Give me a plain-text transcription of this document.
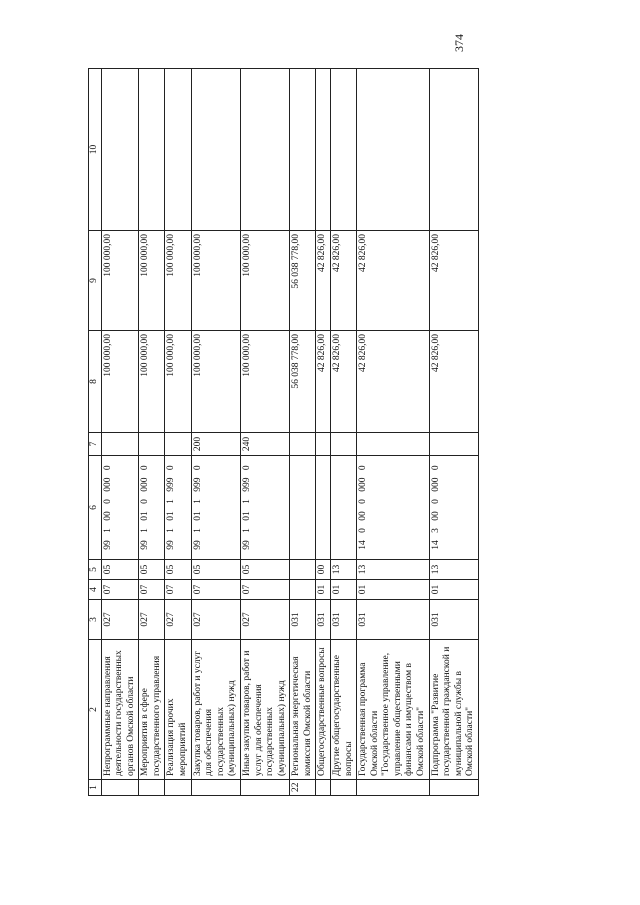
374
1	2	3	4	5	6	7	8	9	10
	Непрограммные направления деятельности государственных органов Омской области	027	07	05	99 1 00 0 000 0		100 000,00	100 000,00	
	Мероприятия в сфере государственного управления	027	07	05	99 1 01 0 000 0		100 000,00	100 000,00	
	Реализация прочих мероприятий	027	07	05	99 1 01 1 999 0		100 000,00	100 000,00	
	Закупка товаров, работ и услуг для обеспечения государственных (муниципальных) нужд	027	07	05	99 1 01 1 999 0	200	100 000,00	100 000,00	
	Иные закупки товаров, работ и услуг для обеспечения государственных (муниципальных) нужд	027	07	05	99 1 01 1 999 0	240	100 000,00	100 000,00	
22	Региональная энергетическая комиссия Омской области	031					56 038 778,00	56 038 778,00	
	Общегосударственные вопросы	031	01	00			42 826,00	42 826,00	
	Другие общегосударственные вопросы	031	01	13			42 826,00	42 826,00	
	Государственная программа Омской области "Государственное управление, управление общественными финансами и имуществом в Омской области"	031	01	13	14 0 00 0 000 0		42 826,00	42 826,00	
	Подпрограмма "Развитие государственной гражданской и муниципальной службы в Омской области"	031	01	13	14 3 00 0 000 0		42 826,00	42 826,00	
